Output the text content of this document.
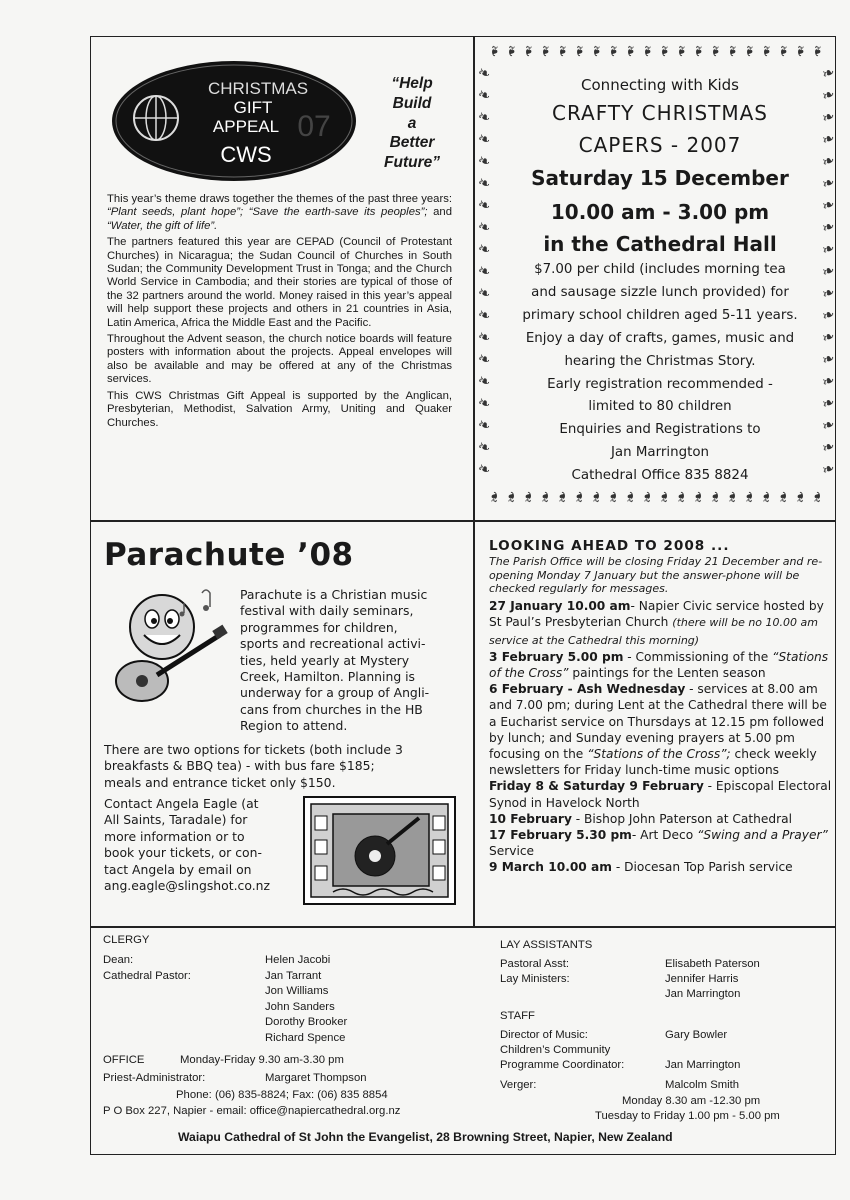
CHRISTMAS
GIFT
APPEAL 07
CWS
“Help
Build
a
Better
Future”

This year’s theme draws together the themes of the past three years: “Plant seeds, plant hope”; “Save the earth-save its peoples”; and “Water, the gift of life”.

The partners featured this year are CEPAD (Council of Protestant Churches) in Nicaragua; the Sudan Council of Churches in South Sudan; the Community Development Trust in Tonga; and the Church World Service in Cambodia; and their stories are typical of those of the 32 partners around the world. Money raised in this year’s appeal will help support these projects and others in 21 countries in Asia, Latin America, Africa the Middle East and the Pacific.

Throughout the Advent season, the church notice boards will feature posters with information about the projects. Appeal envelopes will also be available and may be offered at any of the Christmas services.

This CWS Christmas Gift Appeal is supported by the Anglican, Presbyterian, Methodist, Salvation Army, Uniting and Quaker Churches.

Connecting with Kids
CRAFTY CHRISTMAS
CAPERS - 2007
Saturday 15 December
10.00 am - 3.00 pm
in the Cathedral Hall
$7.00 per child (includes morning tea
and sausage sizzle lunch provided) for
primary school children aged 5-11 years.
Enjoy a day of crafts, games, music and
hearing the Christmas Story.
Early registration recommended -
limited to 80 children
Enquiries and Registrations to
Jan Marrington
Cathedral Office 835 8824
❧ ❧ ❧ ❧ ❧ ❧ ❧ ❧ ❧ ❧ ❧ ❧ ❧ ❧ ❧ ❧ ❧ ❧ ❧ ❧
❧ ❧ ❧ ❧ ❧ ❧ ❧ ❧ ❧ ❧ ❧ ❧ ❧ ❧ ❧ ❧ ❧ ❧ ❧ ❧
❧
❧
❧
❧
❧
❧
❧
❧
❧
❧
❧
❧
❧
❧
❧
❧
❧
❧
❧
❧
❧
❧
❧
❧
❧
❧
❧
❧
❧
❧
❧
❧
❧
❧
❧
❧
❧
❧
Parachute ’08
Parachute is a Christian music
festival with daily seminars,
programmes for children,
sports and recreational activi-
ties, held yearly at Mystery
Creek, Hamilton. Planning is
underway for a group of Angli-
cans from churches in the HB
Region to attend.
There are two options for tickets (both include 3
breakfasts & BBQ tea) - with bus fare $185;
meals and entrance ticket only $150.
Contact Angela Eagle (at
All Saints, Taradale) for
more information or to
book your tickets, or con-
tact Angela by email on
ang.eagle@slingshot.co.nz
LOOKING AHEAD TO 2008 ...
The Parish Office will be closing Friday 21 December and re-opening Monday 7 January but the answer-phone will be checked regularly for messages.
27 January 10.00 am- Napier Civic service hosted by St Paul’s Presbyterian Church (there will be no 10.00 am service at the Cathedral this morning)
3 February 5.00 pm - Commissioning of the “Stations of the Cross” paintings for the Lenten season
6 February - Ash Wednesday - services at 8.00 am and 7.00 pm; during Lent at the Cathedral there will be a Eucharist service on Thursdays at 12.15 pm followed by lunch; and Sunday evening prayers at 5.00 pm focusing on the “Stations of the Cross”; check weekly newsletters for Friday lunch-time music options
Friday 8 & Saturday 9 February - Episcopal Electoral Synod in Havelock North
10 February - Bishop John Paterson at Cathedral
17 February 5.30 pm- Art Deco “Swing and a Prayer” Service
9 March 10.00 am - Diocesan Top Parish service
CLERGY
Dean:	Helen Jacobi
Cathedral Pastor:	Jan Tarrant
Jon Williams
John Sanders
Dorothy Brooker
Richard Spence
OFFICE	Monday-Friday 9.30 am-3.30 pm
Priest-Administrator:	Margaret Thompson
Phone: (06) 835-8824; Fax: (06) 835 8854
P O Box 227, Napier - email: office@napiercathedral.org.nz
LAY ASSISTANTS
Pastoral Asst:	Elisabeth Paterson
Lay Ministers:	Jennifer Harris
Jan Marrington
STAFF
Director of Music:	Gary Bowler
Children’s Community
Programme Coordinator:	Jan Marrington
Verger:	Malcolm Smith
Monday 8.30 am -12.30 pm
Tuesday to Friday 1.00 pm - 5.00 pm
Waiapu Cathedral of St John the Evangelist, 28 Browning Street, Napier, New Zealand
